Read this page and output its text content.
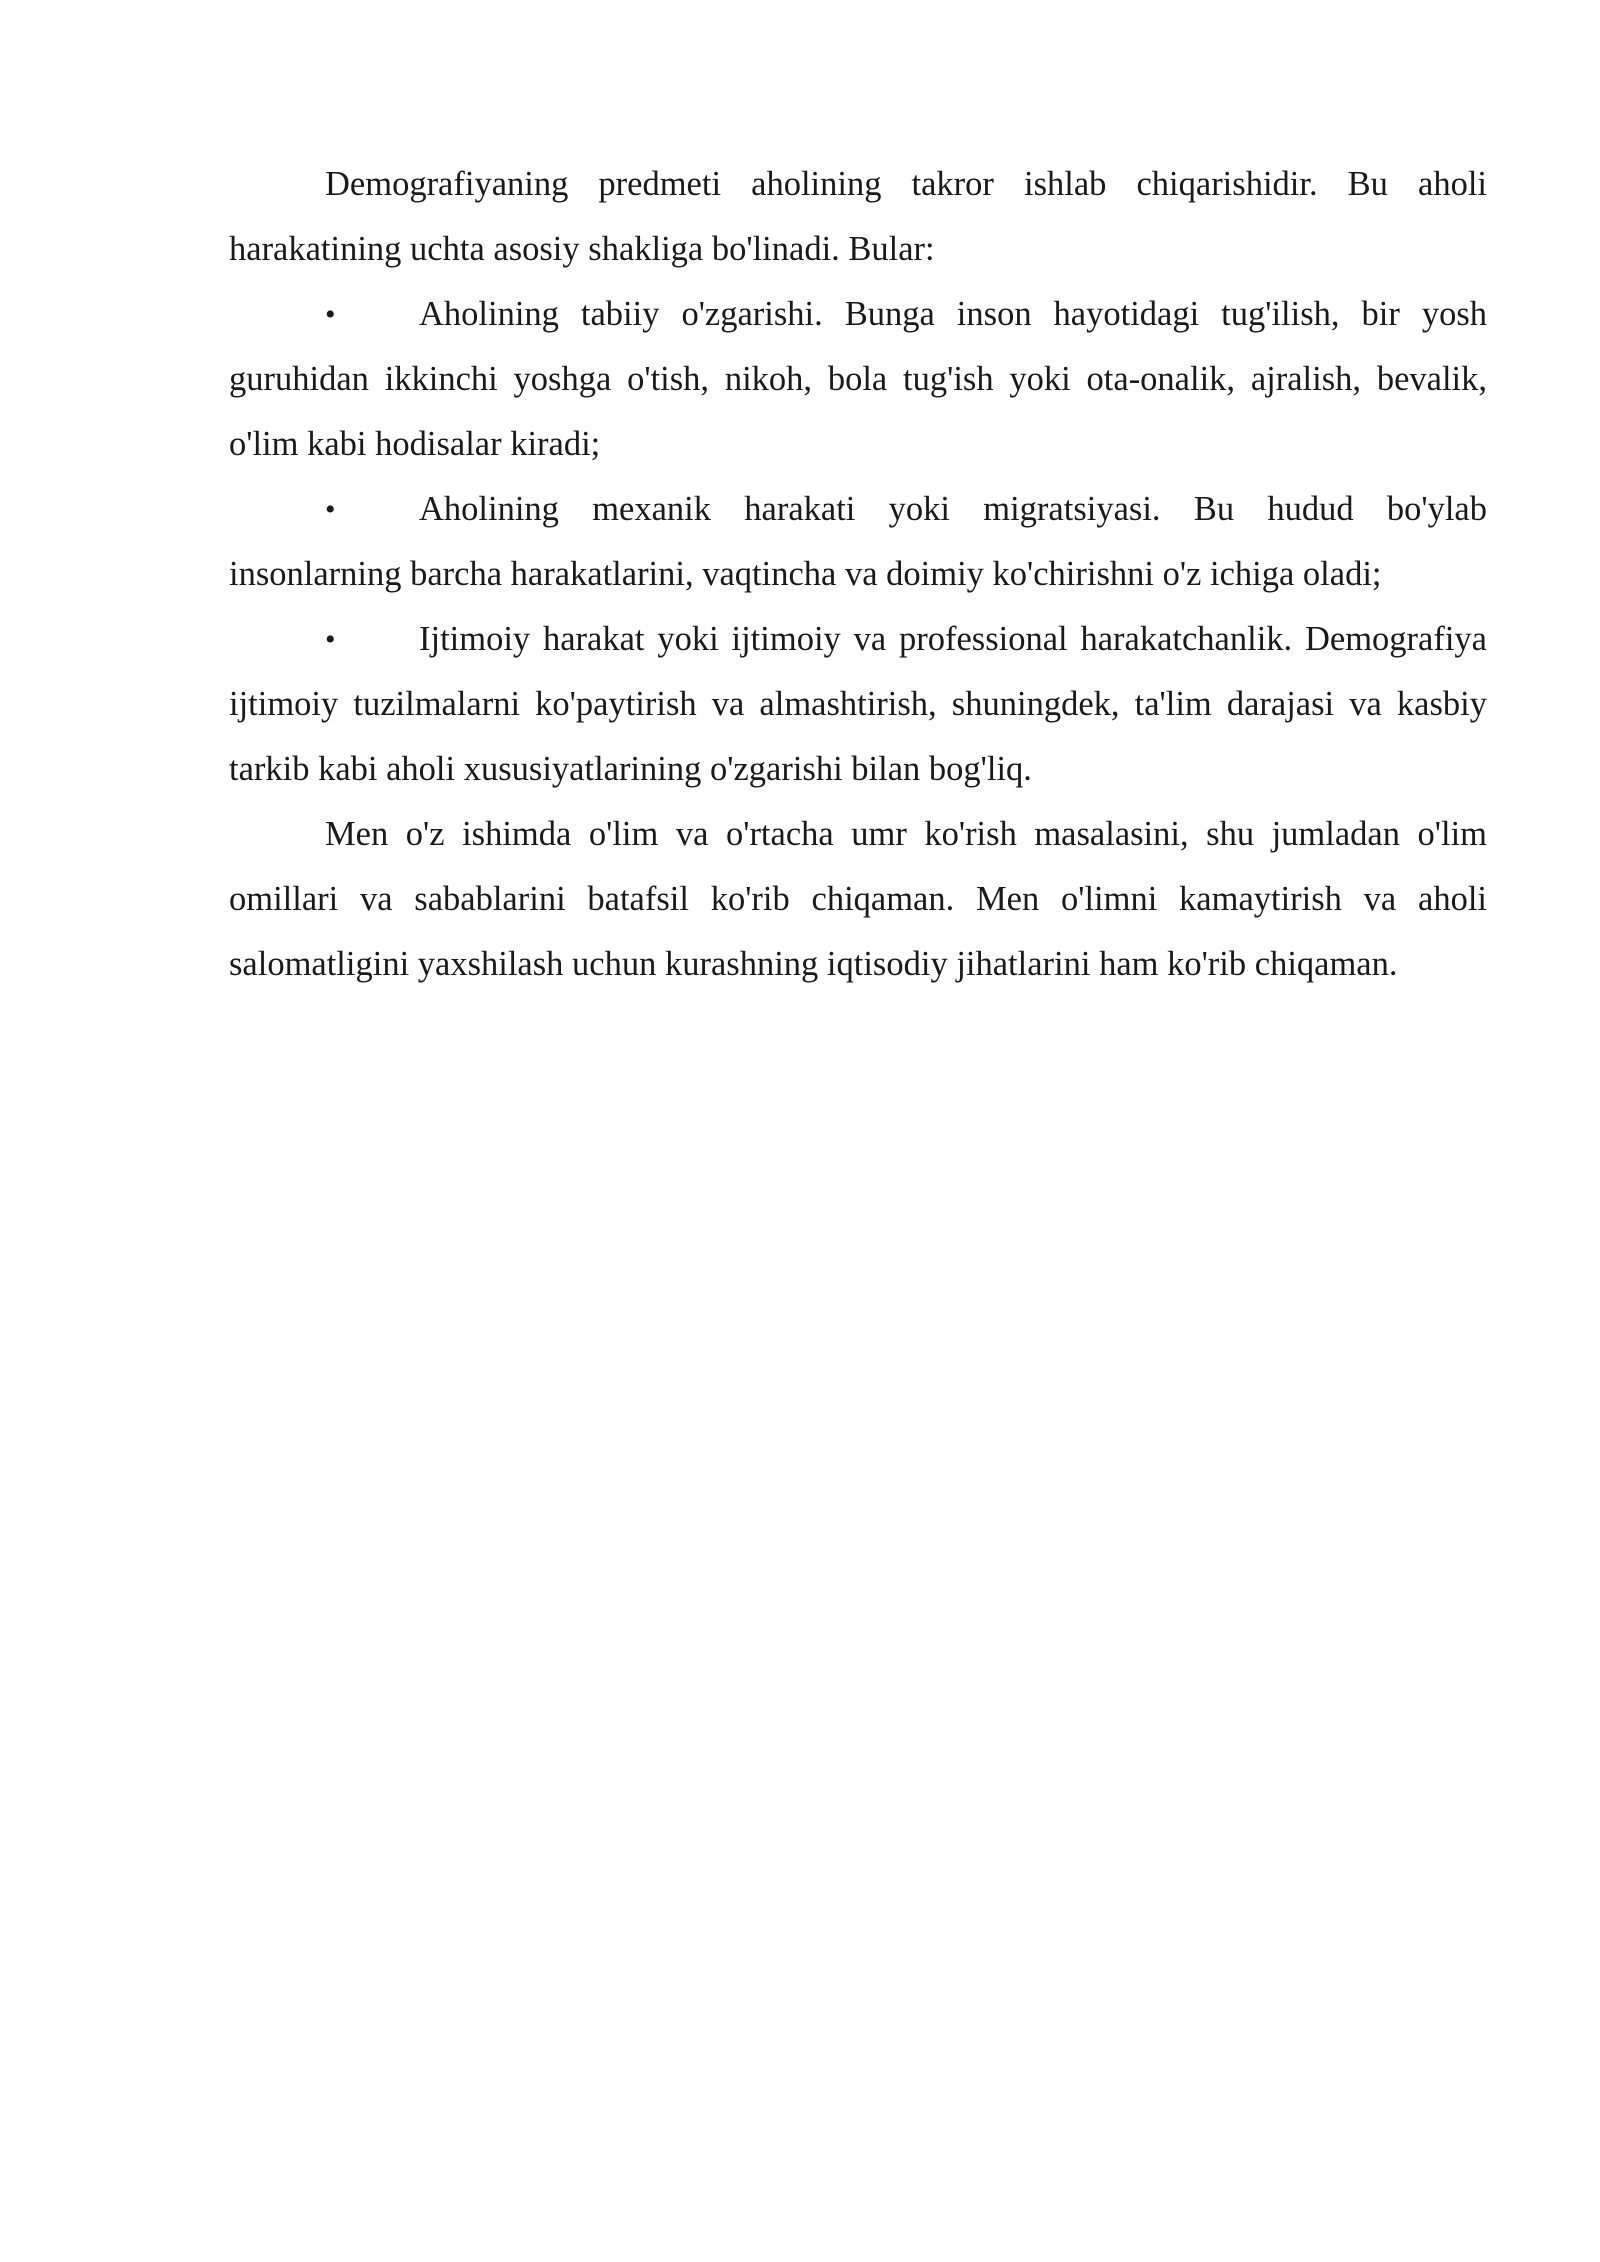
Demografiyaning predmeti aholining takror ishlab chiqarishidir. Bu aholi harakatining uchta asosiy shakliga bo'linadi. Bular:

•	Aholining tabiiy o'zgarishi. Bunga inson hayotidagi tug'ilish, bir yosh guruhidan ikkinchi yoshga o'tish, nikoh, bola tug'ish yoki ota-onalik, ajralish, bevalik, o'lim kabi hodisalar kiradi;

•	Aholining mexanik harakati yoki migratsiyasi. Bu hudud bo'ylab insonlarning barcha harakatlarini, vaqtincha va doimiy ko'chirishni o'z ichiga oladi;

•	Ijtimoiy harakat yoki ijtimoiy va professional harakatchanlik. Demografiya ijtimoiy tuzilmalarni ko'paytirish va almashtirish, shuningdek, ta'lim darajasi va kasbiy tarkib kabi aholi xususiyatlarining o'zgarishi bilan bog'liq.

Men o'z ishimda o'lim va o'rtacha umr ko'rish masalasini, shu jumladan o'lim omillari va sabablarini batafsil ko'rib chiqaman. Men o'limni kamaytirish va aholi salomatligini yaxshilash uchun kurashning iqtisodiy jihatlarini ham ko'rib chiqaman.
